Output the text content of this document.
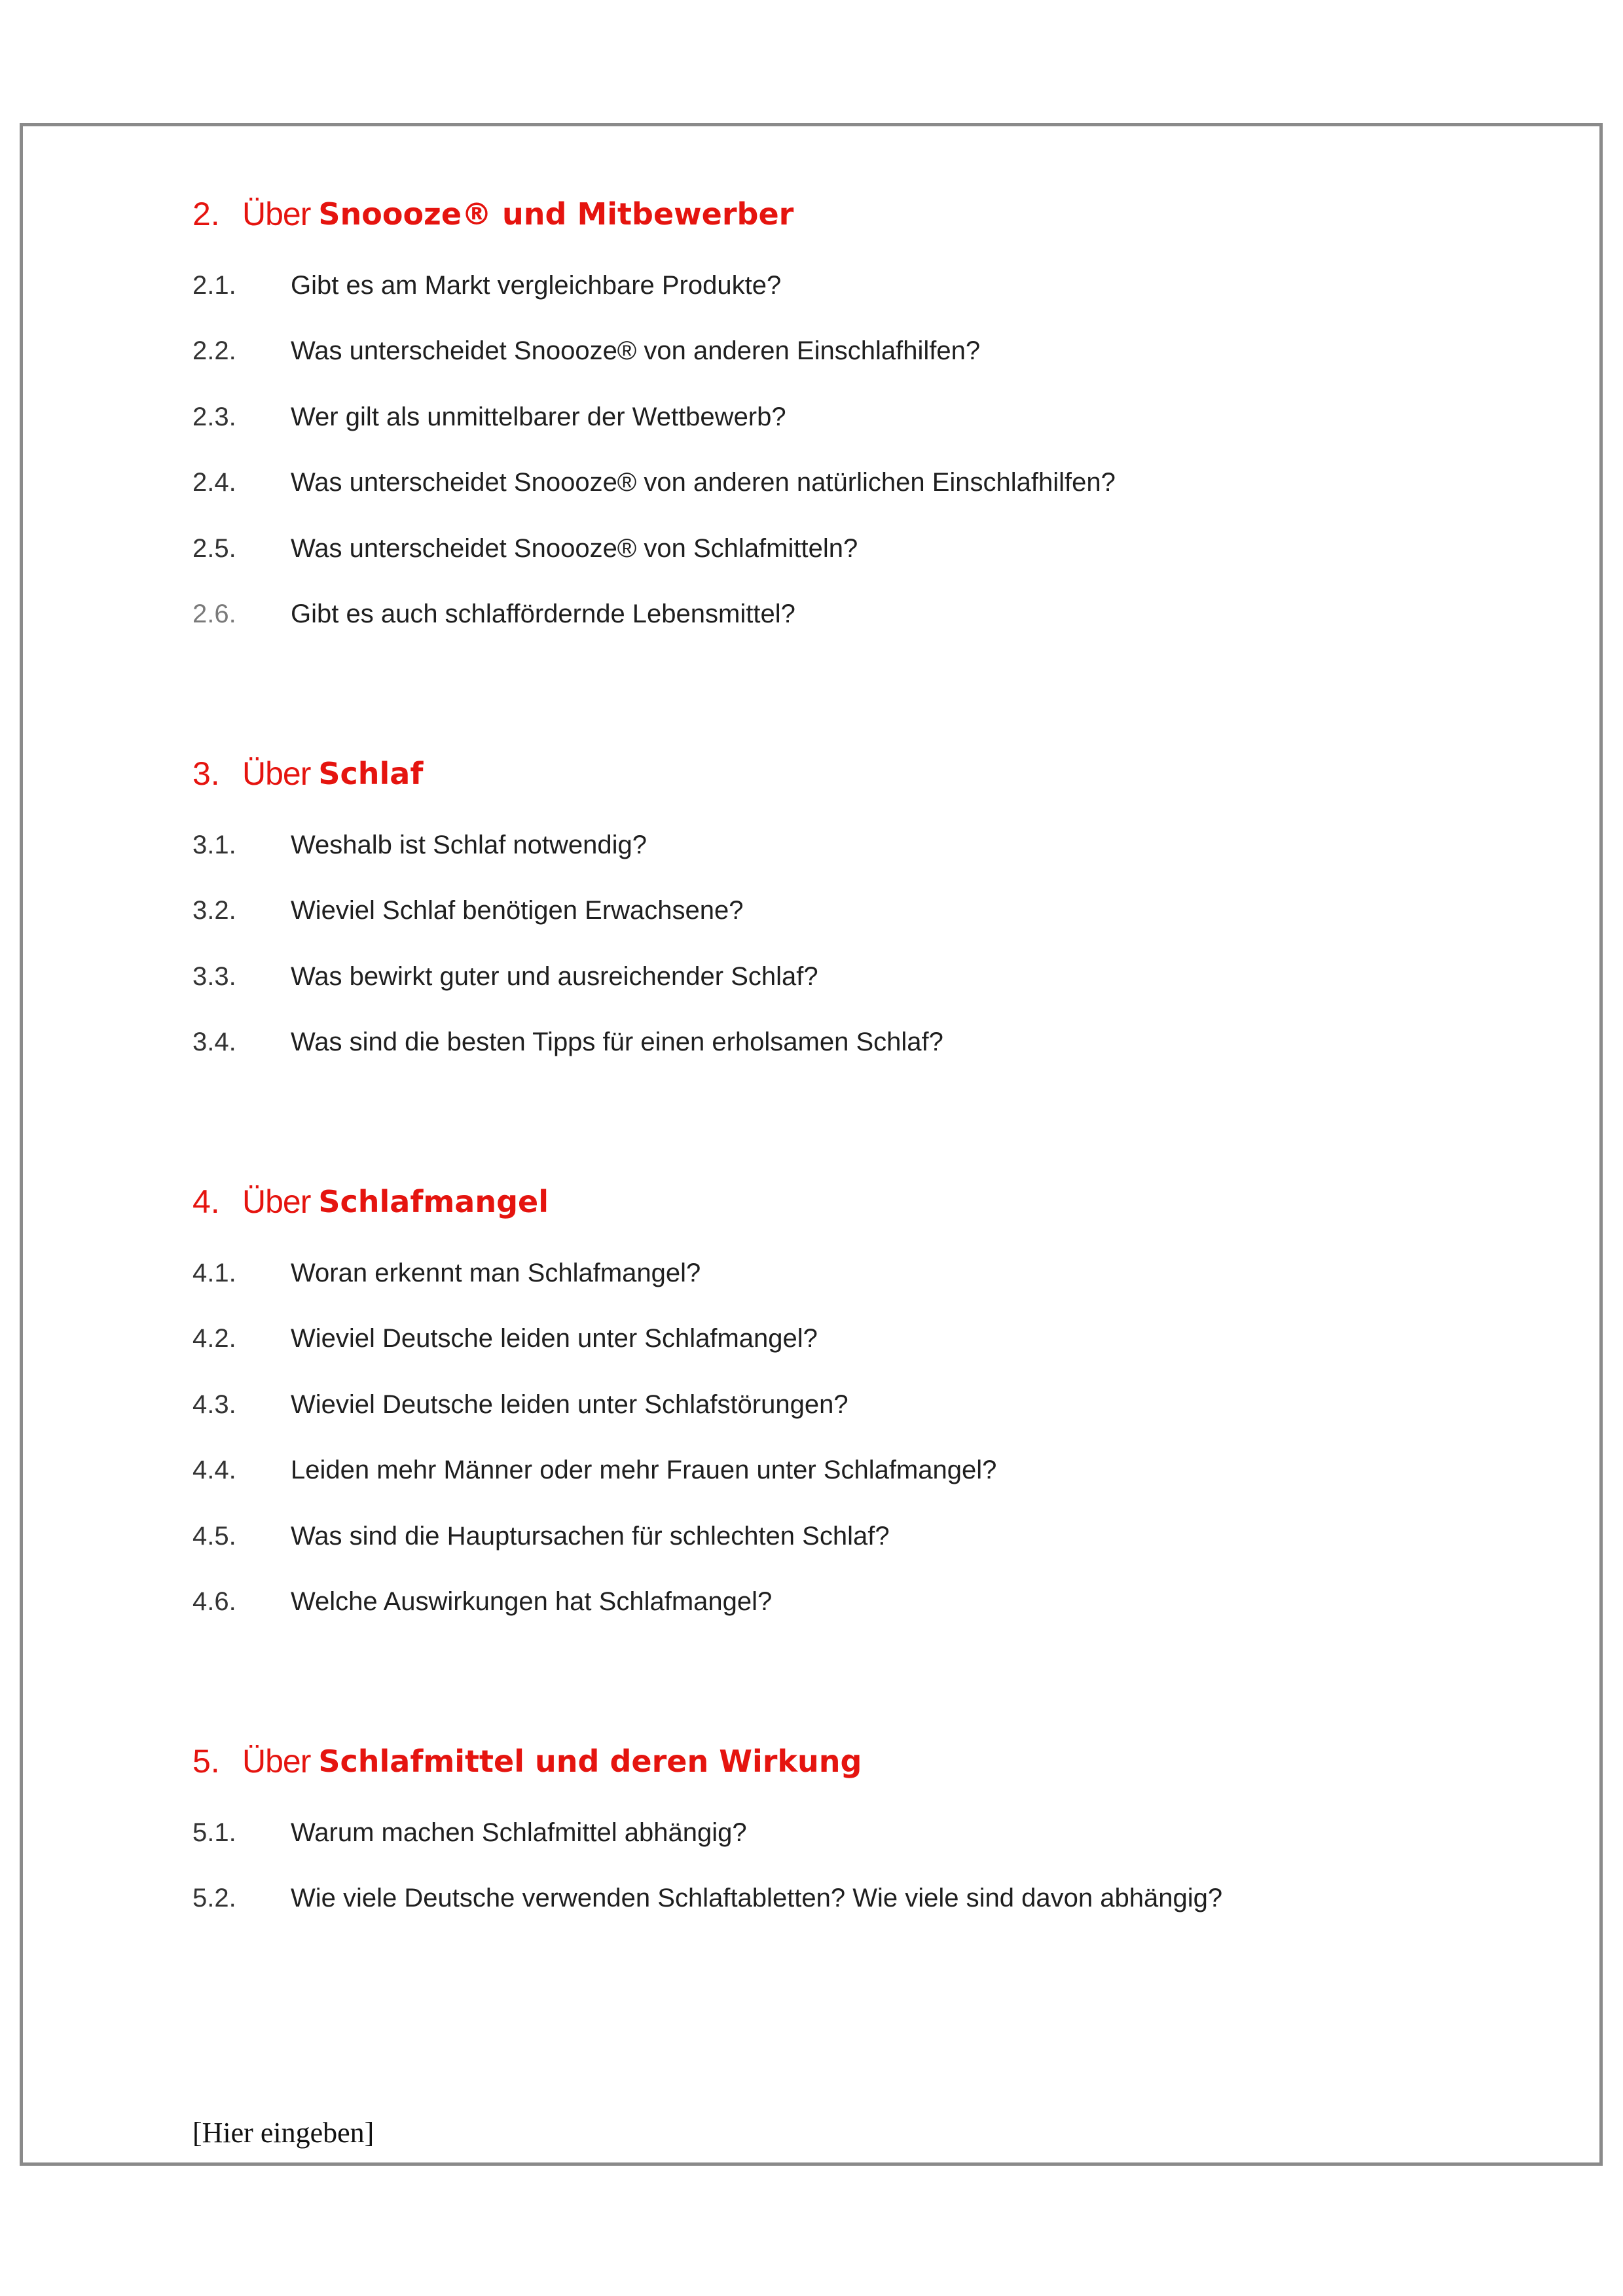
2. Über Snoooze® und Mitbewerber
2.1.	Gibt es am Markt vergleichbare Produkte?
2.2.	Was unterscheidet Snoooze® von anderen Einschlafhilfen?
2.3.	Wer gilt als unmittelbarer der Wettbewerb?
2.4.	Was unterscheidet Snoooze® von anderen natürlichen Einschlafhilfen?
2.5.	Was unterscheidet Snoooze® von Schlafmitteln?
2.6.	Gibt es auch schlaffördernde Lebensmittel?
3. Über Schlaf
3.1.	Weshalb ist Schlaf notwendig?
3.2.	Wieviel Schlaf benötigen Erwachsene?
3.3.	Was bewirkt guter und ausreichender Schlaf?
3.4.	Was sind die besten Tipps für einen erholsamen Schlaf?
4. Über Schlafmangel
4.1.	Woran erkennt man Schlafmangel?
4.2.	Wieviel Deutsche leiden unter Schlafmangel?
4.3.	Wieviel Deutsche leiden unter Schlafstörungen?
4.4.	Leiden mehr Männer oder mehr Frauen unter Schlafmangel?
4.5.	Was sind die Hauptursachen für schlechten Schlaf?
4.6.	Welche Auswirkungen hat Schlafmangel?
5. Über Schlafmittel und deren Wirkung
5.1.	Warum machen Schlafmittel abhängig?
5.2.	Wie viele Deutsche verwenden Schlaftabletten? Wie viele sind davon abhängig?
[Hier eingeben]
